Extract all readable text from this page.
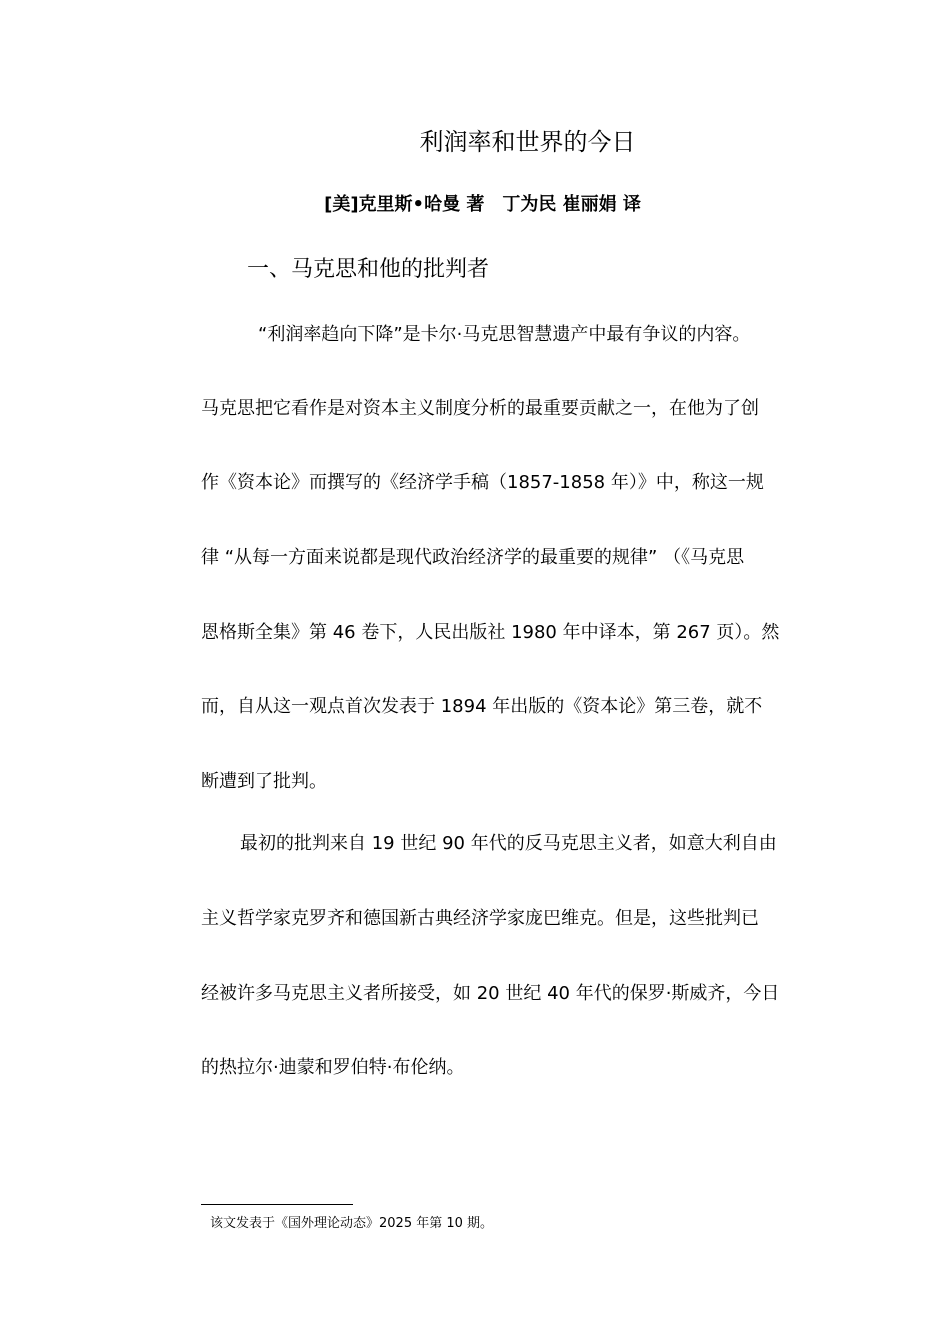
利润率和世界的今日
[美]克里斯•哈曼 著　丁为民 崔丽娟 译
一、马克思和他的批判者
“利润率趋向下降”是卡尔·马克思智慧遗产中最有争议的内容。
马克思把它看作是对资本主义制度分析的最重要贡献之一，在他为了创
作《资本论》而撰写的《经济学手稿（1857-1858 年）》中，称这一规
律 “从每一方面来说都是现代政治经济学的最重要的规律” （《马克思
恩格斯全集》第 46 卷下，人民出版社 1980 年中译本，第 267 页）。然
而，自从这一观点首次发表于 1894 年出版的《资本论》第三卷，就不
断遭到了批判。
最初的批判来自 19 世纪 90 年代的反马克思主义者，如意大利自由
主义哲学家克罗齐和德国新古典经济学家庞巴维克。但是，这些批判已
经被许多马克思主义者所接受，如 20 世纪 40 年代的保罗·斯威齐，今日
的热拉尔·迪蒙和罗伯特·布伦纳。
该文发表于《国外理论动态》2025 年第 10 期。
